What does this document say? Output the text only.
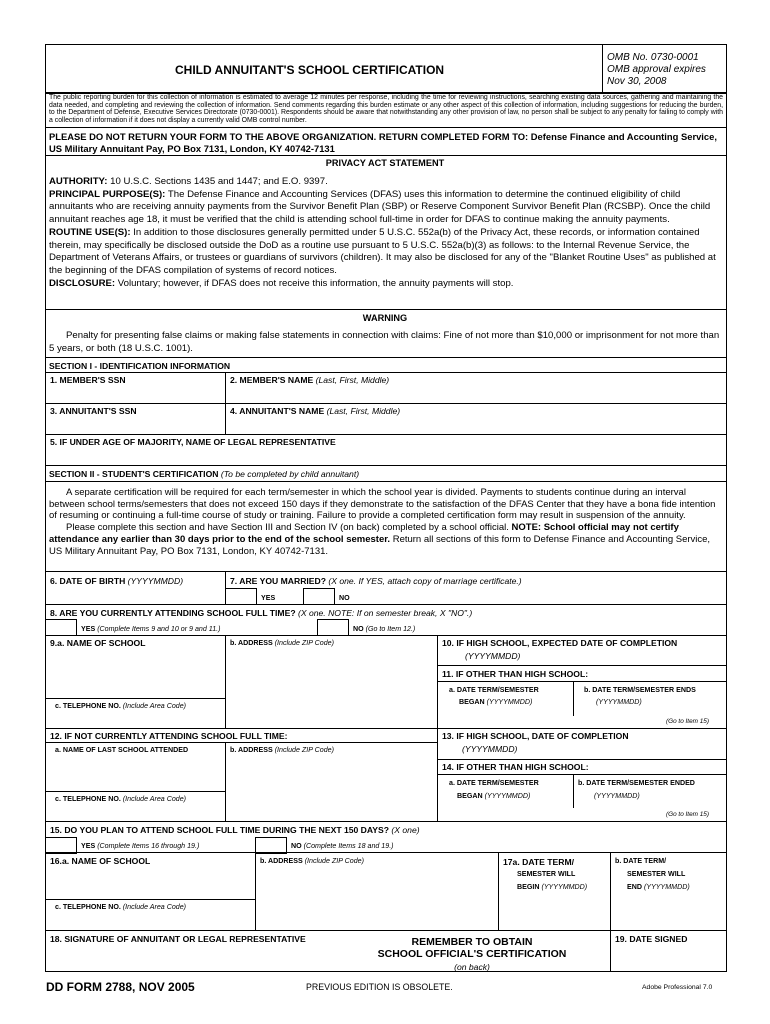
CHILD ANNUITANT'S SCHOOL CERTIFICATION
OMB No. 0730-0001
OMB approval expires
Nov 30, 2008
The public reporting burden for this collection of information is estimated to average 12 minutes per response, including the time for reviewing instructions, searching existing data sources, gathering and maintaining the data needed, and completing and reviewing the collection of information. Send comments regarding this burden estimate or any other aspect of this collection of information, including suggestions for reducing the burden, to the Department of Defense, Executive Services Directorate (0730-0001). Respondents should be aware that notwithstanding any other provision of law, no person shall be subject to any penalty for failing to comply with a collection of information if it does not display a currently valid OMB control number.
PLEASE DO NOT RETURN YOUR FORM TO THE ABOVE ORGANIZATION. RETURN COMPLETED FORM TO: Defense Finance and Accounting Service, US Military Annuitant Pay, PO Box 7131, London, KY 40742-7131
PRIVACY ACT STATEMENT
AUTHORITY: 10 U.S.C. Sections 1435 and 1447; and E.O. 9397.
PRINCIPAL PURPOSE(S): The Defense Finance and Accounting Services (DFAS) uses this information to determine the continued eligibility of child annuitants who are receiving annuity payments from the Survivor Benefit Plan (SBP) or Reserve Component Survivor Benefit Plan (RCSBP). Once the child annuitant reaches age 18, it must be verified that the child is attending school full-time in order for DFAS to continue making the annuity payments.
ROUTINE USE(S): In addition to those disclosures generally permitted under 5 U.S.C. 552a(b) of the Privacy Act, these records, or information contained therein, may specifically be disclosed outside the DoD as a routine use pursuant to 5 U.S.C. 552a(b)(3) as follows: to the Internal Revenue Service, the Department of Veterans Affairs, or trustees or guardians of survivors (children). It may also be disclosed for any of the "Blanket Routine Uses" as published at the beginning of the DFAS compilation of systems of record notices.
DISCLOSURE: Voluntary; however, if DFAS does not receive this information, the annuity payments will stop.
WARNING
Penalty for presenting false claims or making false statements in connection with claims: Fine of not more than $10,000 or imprisonment for not more than 5 years, or both (18 U.S.C. 1001).
SECTION I - IDENTIFICATION INFORMATION
1. MEMBER'S SSN	2. MEMBER'S NAME (Last, First, Middle)
3. ANNUITANT'S SSN	4. ANNUITANT'S NAME (Last, First, Middle)
5. IF UNDER AGE OF MAJORITY, NAME OF LEGAL REPRESENTATIVE
SECTION II - STUDENT'S CERTIFICATION (To be completed by child annuitant)
A separate certification will be required for each term/semester in which the school year is divided. Payments to students continue during an interval between school terms/semesters that does not exceed 150 days if they demonstrate to the satisfaction of the DFAS Center that they have a bona fide intention of resuming or continuing a full-time course of study or training. Failure to provide a completed certification form may result in suspension of the annuity.
Please complete this section and have Section III and Section IV (on back) completed by a school official. NOTE: School official may not certify attendance any earlier than 30 days prior to the end of the school semester. Return all sections of this form to Defense Finance and Accounting Service, US Military Annuitant Pay, PO Box 7131, London, KY 40742-7131.
6. DATE OF BIRTH (YYYYMMDD)	7. ARE YOU MARRIED? (X one. If YES, attach copy of marriage certificate.)
YES	NO
8. ARE YOU CURRENTLY ATTENDING SCHOOL FULL TIME? (X one. NOTE: If on semester break, X "NO".)
YES (Complete Items 9 and 10 or 9 and 11.)	NO (Go to Item 12.)
9.a. NAME OF SCHOOL	b. ADDRESS (Include ZIP Code)
c. TELEPHONE NO. (Include Area Code)
10. IF HIGH SCHOOL, EXPECTED DATE OF COMPLETION
(YYYYMMDD)
11. IF OTHER THAN HIGH SCHOOL:
a. DATE TERM/SEMESTER
BEGAN (YYYYMMDD)
b. DATE TERM/SEMESTER ENDS
(YYYYMMDD)
(Go to Item 15)
12. IF NOT CURRENTLY ATTENDING SCHOOL FULL TIME:
a. NAME OF LAST SCHOOL ATTENDED	b. ADDRESS (Include ZIP Code)
c. TELEPHONE NO. (Include Area Code)
13. IF HIGH SCHOOL, DATE OF COMPLETION
(YYYYMMDD)
14. IF OTHER THAN HIGH SCHOOL:
a. DATE TERM/SEMESTER
BEGAN (YYYYMMDD)
b. DATE TERM/SEMESTER ENDED
(YYYYMMDD)
(Go to Item 15)
15. DO YOU PLAN TO ATTEND SCHOOL FULL TIME DURING THE NEXT 150 DAYS? (X one)
YES (Complete Items 16 through 19.)	NO (Complete Items 18 and 19.)
16.a. NAME OF SCHOOL	b. ADDRESS (Include ZIP Code)
c. TELEPHONE NO. (Include Area Code)
17a. DATE TERM/
SEMESTER WILL
BEGIN (YYYYMMDD)
b. DATE TERM/
SEMESTER WILL
END (YYYYMMDD)
18. SIGNATURE OF ANNUITANT OR LEGAL REPRESENTATIVE	REMEMBER TO OBTAIN
SCHOOL OFFICIAL'S CERTIFICATION
(on back)
19. DATE SIGNED
DD FORM 2788, NOV 2005	PREVIOUS EDITION IS OBSOLETE.	Adobe Professional 7.0
